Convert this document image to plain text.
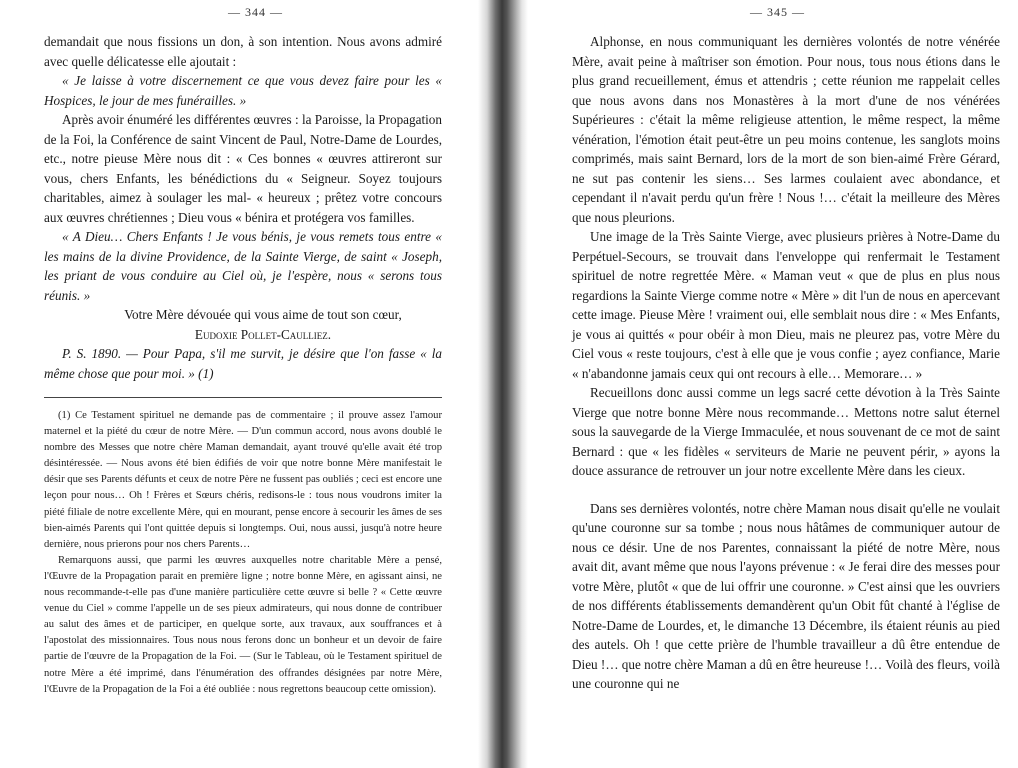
— 344 —

demandait que nous fissions un don, à son intention. Nous avons admiré avec quelle délicatesse elle ajoutait :

« Je laisse à votre discernement ce que vous devez faire pour les « Hospices, le jour de mes funérailles. »

Après avoir énuméré les différentes œuvres : la Paroisse, la Propagation de la Foi, la Conférence de saint Vincent de Paul, Notre-Dame de Lourdes, etc., notre pieuse Mère nous dit : « Ces bonnes « œuvres attireront sur vous, chers Enfants, les bénédictions du « Seigneur. Soyez toujours charitables, aimez à soulager les mal- « heureux ; prêtez votre concours aux œuvres chrétiennes ; Dieu vous « bénira et protégera vos familles.

« A Dieu… Chers Enfants ! Je vous bénis, je vous remets tous entre « les mains de la divine Providence, de la Sainte Vierge, de saint « Joseph, les priant de vous conduire au Ciel où, je l'espère, nous « serons tous réunis. »

Votre Mère dévouée qui vous aime de tout son cœur,

Eudoxie Pollet-Caulliez.

P. S. 1890. — Pour Papa, s'il me survit, je désire que l'on fasse « la même chose que pour moi. » (1)

(1) Ce Testament spirituel ne demande pas de commentaire ; il prouve assez l'amour maternel et la piété du cœur de notre Mère. — D'un commun accord, nous avons doublé le nombre des Messes que notre chère Maman demandait, ayant trouvé qu'elle avait été trop désintéressée. — Nous avons été bien édifiés de voir que notre bonne Mère manifestait le désir que ses Parents défunts et ceux de notre Père ne fussent pas oubliés ; ceci est encore une leçon pour nous… Oh ! Frères et Sœurs chéris, redisons-le : tous nous voudrons imiter la piété filiale de notre excellente Mère, qui en mourant, pense encore à secourir les âmes de ses bien-aimés Parents qui l'ont quittée depuis si longtemps. Oui, nous aussi, jusqu'à notre heure dernière, nous prierons pour nos chers Parents…

Remarquons aussi, que parmi les œuvres auxquelles notre charitable Mère a pensé, l'Œuvre de la Propagation parait en première ligne ; notre bonne Mère, en agissant ainsi, ne nous recommande-t-elle pas d'une manière particulière cette œuvre si belle ? « Cette œuvre venue du Ciel » comme l'appelle un de ses pieux admirateurs, qui nous donne de contribuer au salut des âmes et de participer, en quelque sorte, aux travaux, aux souffrances et à l'apostolat des missionnaires. Tous nous nous ferons donc un bonheur et un devoir de faire partie de l'œuvre de la Propagation de la Foi. — (Sur le Tableau, où le Testament spirituel de notre Mère a été imprimé, dans l'énumération des offrandes désignées par notre Mère, l'Œuvre de la Propagation de la Foi a été oubliée : nous regrettons beaucoup cette omission).

— 345 —

Alphonse, en nous communiquant les dernières volontés de notre vénérée Mère, avait peine à maîtriser son émotion. Pour nous, tous nous étions dans le plus grand recueillement, émus et attendris ; cette réunion me rappelait celles que nous avons dans nos Monastères à la mort d'une de nos vénérées Supérieures : c'était la même religieuse attention, le même respect, la même vénération, l'émotion était peut-être un peu moins contenue, les sanglots moins comprimés, mais saint Bernard, lors de la mort de son bien-aimé Frère Gérard, ne sut pas contenir les siens… Ses larmes coulaient avec abondance, et cependant il n'avait perdu qu'un frère ! Nous !… c'était la meilleure des Mères que nous pleurions.

Une image de la Très Sainte Vierge, avec plusieurs prières à Notre-Dame du Perpétuel-Secours, se trouvait dans l'enveloppe qui renfermait le Testament spirituel de notre regrettée Mère. « Maman veut « que de plus en plus nous regardions la Sainte Vierge comme notre « Mère » dit l'un de nous en apercevant cette image. Pieuse Mère ! vraiment oui, elle semblait nous dire : « Mes Enfants, je vous ai quittés « pour obéir à mon Dieu, mais ne pleurez pas, votre Mère du Ciel vous « reste toujours, c'est à elle que je vous confie ; ayez confiance, Marie « n'abandonne jamais ceux qui ont recours à elle… Memorare… »

Recueillons donc aussi comme un legs sacré cette dévotion à la Très Sainte Vierge que notre bonne Mère nous recommande… Mettons notre salut éternel sous la sauvegarde de la Vierge Immaculée, et nous souvenant de ce mot de saint Bernard : que « les fidèles « serviteurs de Marie ne peuvent périr, » ayons la douce assurance de retrouver un jour notre excellente Mère dans les cieux.

Dans ses dernières volontés, notre chère Maman nous disait qu'elle ne voulait qu'une couronne sur sa tombe ; nous nous hâtâmes de communiquer autour de nous ce désir. Une de nos Parentes, connaissant la piété de notre Mère, nous avait dit, avant même que nous l'ayons prévenue : « Je ferai dire des messes pour votre Mère, plutôt « que de lui offrir une couronne. » C'est ainsi que les ouvriers de nos différents établissements demandèrent qu'un Obit fût chanté à l'église de Notre-Dame de Lourdes, et, le dimanche 13 Décembre, ils étaient réunis au pied des autels. Oh ! que cette prière de l'humble travailleur a dû être entendue de Dieu !… que notre chère Maman a dû en être heureuse !… Voilà des fleurs, voilà une couronne qui ne
